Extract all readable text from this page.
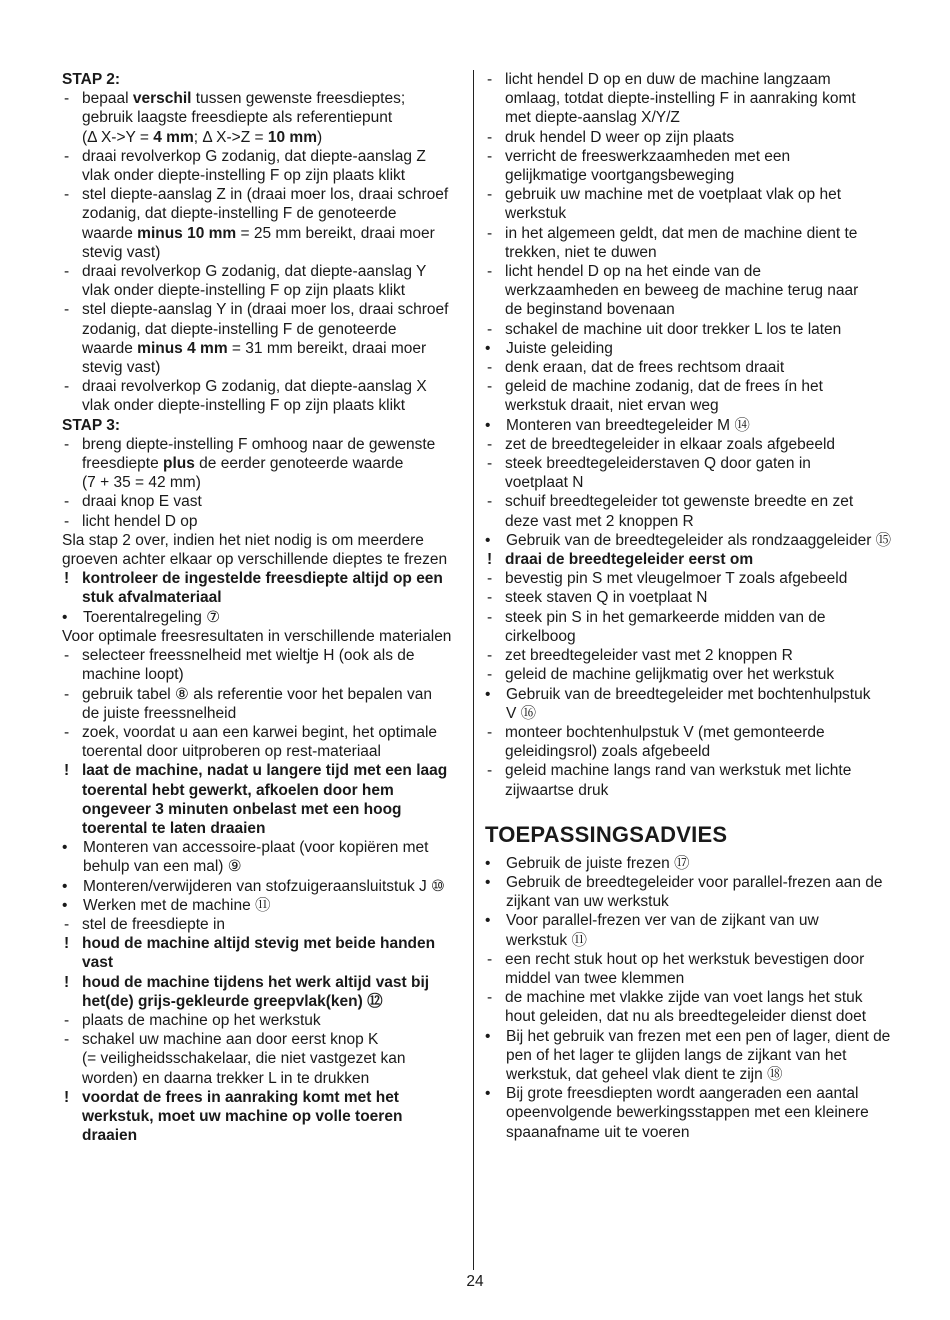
STAP 2:
- bepaal verschil tussen gewenste freesdieptes;
gebruik laagste freesdiepte als referentiepunt
(Δ X->Y = 4 mm; Δ X->Z = 10 mm)
- draai revolverkop G zodanig, dat diepte-aanslag Z
vlak onder diepte-instelling F op zijn plaats klikt
- stel diepte-aanslag Z in (draai moer los, draai schroef
zodanig, dat diepte-instelling F de genoteerde
waarde minus 10 mm = 25 mm bereikt, draai moer
stevig vast)
- draai revolverkop G zodanig, dat diepte-aanslag Y
vlak onder diepte-instelling F op zijn plaats klikt
- stel diepte-aanslag Y in (draai moer los, draai schroef
zodanig, dat diepte-instelling F de genoteerde
waarde minus 4 mm = 31 mm bereikt, draai moer
stevig vast)
- draai revolverkop G zodanig, dat diepte-aanslag X
vlak onder diepte-instelling F op zijn plaats klikt
STAP 3:
- breng diepte-instelling F omhoog naar de gewenste
freesdiepte plus de eerder genoteerde waarde
(7 + 35 = 42 mm)
- draai knop E vast
- licht hendel D op
Sla stap 2 over, indien het niet nodig is om meerdere
groeven achter elkaar op verschillende dieptes te frezen
! kontroleer de ingestelde freesdiepte altijd op een
stuk afvalmateriaal
• Toerentalregeling ⑦
Voor optimale freesresultaten in verschillende materialen
- selecteer freessnelheid met wieltje H (ook als de
machine loopt)
- gebruik tabel ⑧ als referentie voor het bepalen van
de juiste freessnelheid
- zoek, voordat u aan een karwei begint, het optimale
toerental door uitproberen op rest-materiaal
! laat de machine, nadat u langere tijd met een laag
toerental hebt gewerkt, afkoelen door hem
ongeveer 3 minuten onbelast met een hoog
toerental te laten draaien
• Monteren van accessoire-plaat (voor kopiëren met
behulp van een mal) ⑨
• Monteren/verwijderen van stofzuigeraansluitstuk J ⑩
• Werken met de machine ⑪
- stel de freesdiepte in
! houd de machine altijd stevig met beide handen
vast
! houd de machine tijdens het werk altijd vast bij
het(de) grijs-gekleurde greepvlak(ken) ⑫
- plaats de machine op het werkstuk
- schakel uw machine aan door eerst knop K
(= veiligheidsschakelaar, die niet vastgezet kan
worden) en daarna trekker L in te drukken
! voordat de frees in aanraking komt met het
werkstuk, moet uw machine op volle toeren
draaien
- licht hendel D op en duw de machine langzaam
omlaag, totdat diepte-instelling F in aanraking komt
met diepte-aanslag X/Y/Z
- druk hendel D weer op zijn plaats
- verricht de freeswerkzaamheden met een
gelijkmatige voortgangsbeweging
- gebruik uw machine met de voetplaat vlak op het
werkstuk
- in het algemeen geldt, dat men de machine dient te
trekken, niet te duwen
- licht hendel D op na het einde van de
werkzaamheden en beweeg de machine terug naar
de beginstand bovenaan
- schakel de machine uit door trekker L los te laten
• Juiste geleiding
- denk eraan, dat de frees rechtsom draait
- geleid de machine zodanig, dat de frees ín het
werkstuk draait, niet ervan weg
• Monteren van breedtegeleider M ⑭
- zet de breedtegeleider in elkaar zoals afgebeeld
- steek breedtegeleiderstaven Q door gaten in
voetplaat N
- schuif breedtegeleider tot gewenste breedte en zet
deze vast met 2 knoppen R
• Gebruik van de breedtegeleider als rondzaaggeleider ⑮
! draai de breedtegeleider eerst om
- bevestig pin S met vleugelmoer T zoals afgebeeld
- steek staven Q in voetplaat N
- steek pin S in het gemarkeerde midden van de
cirkelboog
- zet breedtegeleider vast met 2 knoppen R
- geleid de machine gelijkmatig over het werkstuk
• Gebruik van de breedtegeleider met bochtenhulpstuk
V ⑯
- monteer bochtenhulpstuk V (met gemonteerde
geleidingsrol) zoals afgebeeld
- geleid machine langs rand van werkstuk met lichte
zijwaartse druk
TOEPASSINGSADVIES
• Gebruik de juiste frezen ⑰
• Gebruik de breedtegeleider voor parallel-frezen aan de
zijkant van uw werkstuk
• Voor parallel-frezen ver van de zijkant van uw
werkstuk ⑪
- een recht stuk hout op het werkstuk bevestigen door
middel van twee klemmen
- de machine met vlakke zijde van voet langs het stuk
hout geleiden, dat nu als breedtegeleider dienst doet
• Bij het gebruik van frezen met een pen of lager, dient de
pen of het lager te glijden langs de zijkant van het
werkstuk, dat geheel vlak dient te zijn ⑱
• Bij grote freesdiepten wordt aangeraden een aantal
opeenvolgende bewerkingsstappen met een kleinere
spaanafname uit te voeren
24
